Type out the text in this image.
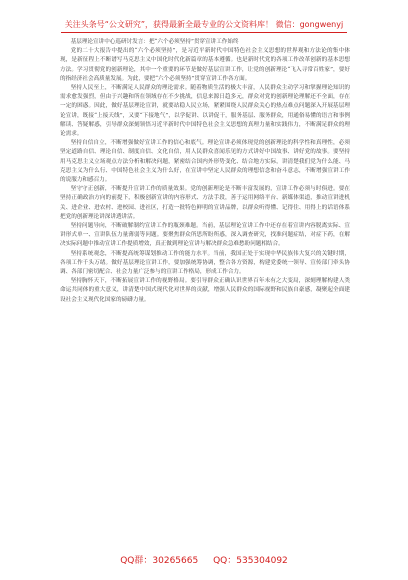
关注头条号“公文研究”，获得最新全最专业的公文资料库！ 微信：gongwenyj

基层理论宣讲中心巡研讨发言：把“六个必须坚持”贯穿宣讲工作始终

党的二十大报告中提出的“六个必须坚持”，是习近平新时代中国特色社会主义思想的世界观和方法论的集中体现，是新征程上不断谱写马克思主义中国化时代化新篇章的基本遵循。也是新时代党的各项工作改革创新的基本思想方法。学习贯彻党的创新理论，其中一个重要的环节是做好基层宣讲工作，让党的创新理论“飞入寻常百姓家”，要好的指经济社会高质量发展。为此，要把“六个必须坚持”贯穿宣讲工作各方面。

坚持人民至上，不断满足人民群众的理论需求。随着物质生活的极大丰富，人民群众主动学习和掌握理论知识的需求愈发强烈，但由于兴趣和所在领域存在不少挑战，信息来源日趋多元，群众对党的创新理论理解还不全面，存在一定的困惑。因此，做好基层理论宣讲，就要站稳人民立场，紧紧围绕人民群众关心的热点难点问题深入开展基层理论宣讲，既接“上接天线”，又要“下接地气”，以学促讲、以讲促干，服务基层、服务群众，用通俗易懂的语言和事例解读、答疑解惑，引导群众深刻领悟习近平新时代中国特色社会主义思想的真理力量和实践伟力，不断满足群众的理论需求。

坚持自信自立，不断增强做好宣讲工作的信心和底气。理论宣讲必须体现党的创新理论的科学性和真理性，必须坚定道路自信、理论自信、制度自信、文化自信，用人民群众喜闻乐见的方式讲好中国故事、讲好党的故事。要坚持用马克思主义立场观点方法分析和解决问题，紧密结合国内外形势变化、结合地方实际，讲清楚我们党为什么能、马克思主义为什么行、中国特色社会主义为什么好，在宣讲中坚定人民群众的理想信念和奋斗意志，不断增强宣讲工作的说服力和感召力。

坚守守正创新，不断提升宣讲工作的质量效果。党的创新理论是不断丰富发展的，宣讲工作必须与时俱进。要在坚持正确政治方向的前提下，积极创新宣讲的内容形式、方法手段，善于运用网络平台、新媒体渠道，推动宣讲进机关、进企业、进农村、进校园、进社区，打造一批特色鲜明的宣讲品牌，以群众听得懂、记得住、用得上的话语体系把党的创新理论讲深讲透讲活。

坚持问题导向，不断破解制约宣讲工作的瓶颈难题。当前，基层理论宣讲工作中还存在着宣讲内容脱离实际、宣讲形式单一、宣讲队伍力量薄弱等问题。要聚焦群众所思所盼所惑，深入调查研究，找准问题症结，对症下药，在解决实际问题中推动宣讲工作提质增效，真正做到理论宣讲与解决群众急难愁盼问题相结合。

坚持系统观念，不断提高统筹谋划推动工作的能力水平。当前，我国正处于实现中华民族伟大复兴的关键时期，各项工作千头万绪。做好基层理论宣讲工作，要加强统筹协调，整合各方资源，构建党委统一领导、宣传部门牵头协调、各部门密切配合、社会力量广泛参与的宣讲工作格局，形成工作合力。

坚持胸怀天下，不断拓展宣讲工作的视野格局。要引导群众正确认识世界百年未有之大变局，深刻理解构建人类命运共同体的重大意义，讲清楚中国式现代化对世界的贡献，增强人民群众的国际视野和民族自豪感，凝聚起全面建设社会主义现代化国家的磅礴力量。

QQ群：30265665 QQ：535304092
